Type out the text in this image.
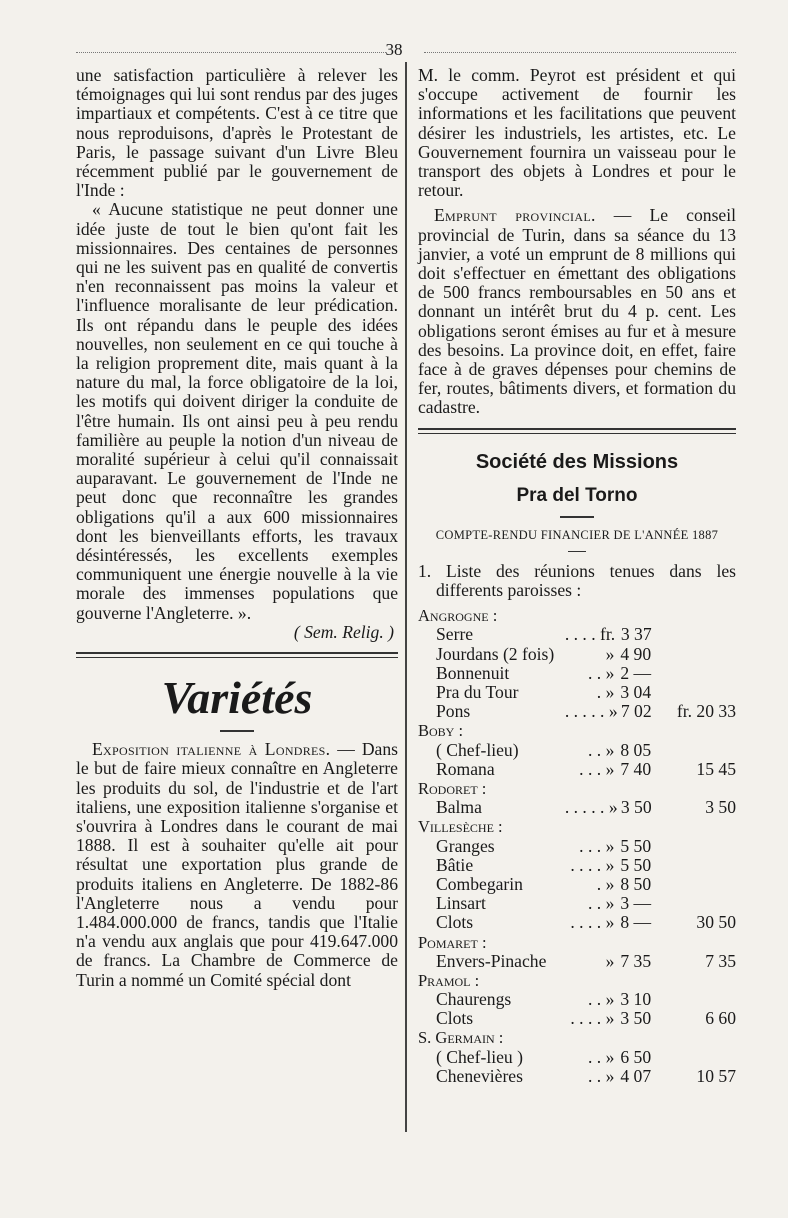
38

une satisfaction particulière à relever les témoignages qui lui sont rendus par des juges impartiaux et compétents. C'est à ce titre que nous reproduisons, d'après le Protestant de Paris, le passage suivant d'un Livre Bleu récemment publié par le gouvernement de l'Inde :

« Aucune statistique ne peut donner une idée juste de tout le bien qu'ont fait les missionnaires. Des centaines de personnes qui ne les suivent pas en qualité de convertis n'en reconnaissent pas moins la valeur et l'influence moralisante de leur prédication. Ils ont répandu dans le peuple des idées nouvelles, non seulement en ce qui touche à la religion proprement dite, mais quant à la nature du mal, la force obligatoire de la loi, les motifs qui doivent diriger la conduite de l'être humain. Ils ont ainsi peu à peu rendu familière au peuple la notion d'un niveau de moralité supérieur à celui qu'il connaissait auparavant. Le gouvernement de l'Inde ne peut donc que reconnaître les grandes obligations qu'il a aux 600 missionnaires dont les bienveillants efforts, les travaux désintéressés, les excellents exemples communiquent une énergie nouvelle à la vie morale des immenses populations que gouverne l'Angleterre. ».

( Sem. Relig. )

Variétés

Exposition italienne à Londres. — Dans le but de faire mieux connaître en Angleterre les produits du sol, de l'industrie et de l'art italiens, une exposition italienne s'organise et s'ouvrira à Londres dans le courant de mai 1888. Il est à souhaiter qu'elle ait pour résultat une exportation plus grande de produits italiens en Angleterre. De 1882-86 l'Angleterre nous a vendu pour 1.484.000.000 de francs, tandis que l'Italie n'a vendu aux anglais que pour 419.647.000 de francs. La Chambre de Commerce de Turin a nommé un Comité spécial dont

M. le comm. Peyrot est président et qui s'occupe activement de fournir les informations et les facilitations que peuvent désirer les industriels, les artistes, etc. Le Gouvernement fournira un vaisseau pour le transport des objets à Londres et pour le retour.

Emprunt provincial. — Le conseil provincial de Turin, dans sa séance du 13 janvier, a voté un emprunt de 8 millions qui doit s'effectuer en émettant des obligations de 500 francs remboursables en 50 ans et donnant un intérêt brut du 4 p. cent. Les obligations seront émises au fur et à mesure des besoins. La province doit, en effet, faire face à de graves dépenses pour chemins de fer, routes, bâtiments divers, et formation du cadastre.

Société des Missions
Pra del Torno
COMPTE-RENDU FINANCIER DE L'ANNÉE 1887

1. Liste des réunions tenues dans les differents paroisses :

Angrogne :
Serre	. . . . fr. 3 37
Jourdans (2 fois)	» 4 90
Bonnenuit	. . » 2 —
Pra du Tour	. » 3 04
Pons	. . . . . » 7 02	fr. 20 33
Boby :
( Chef-lieu)	. . » 8 05
Romana	. . . » 7 40	15 45
Rodoret :
Balma	. . . . . » 3 50	3 50
Villesèche :
Granges	. . . » 5 50
Bâtie	. . . . » 5 50
Combegarin	. » 8 50
Linsart	. . » 3 —
Clots	. . . . » 8 —	30 50
Pomaret :
Envers-Pinache	» 7 35	7 35
Pramol :
Chaurengs	. . » 3 10
Clots	. . . . » 3 50	6 60
S. Germain :
( Chef-lieu )	. . » 6 50
Chenevières	. . » 4 07	10 57
